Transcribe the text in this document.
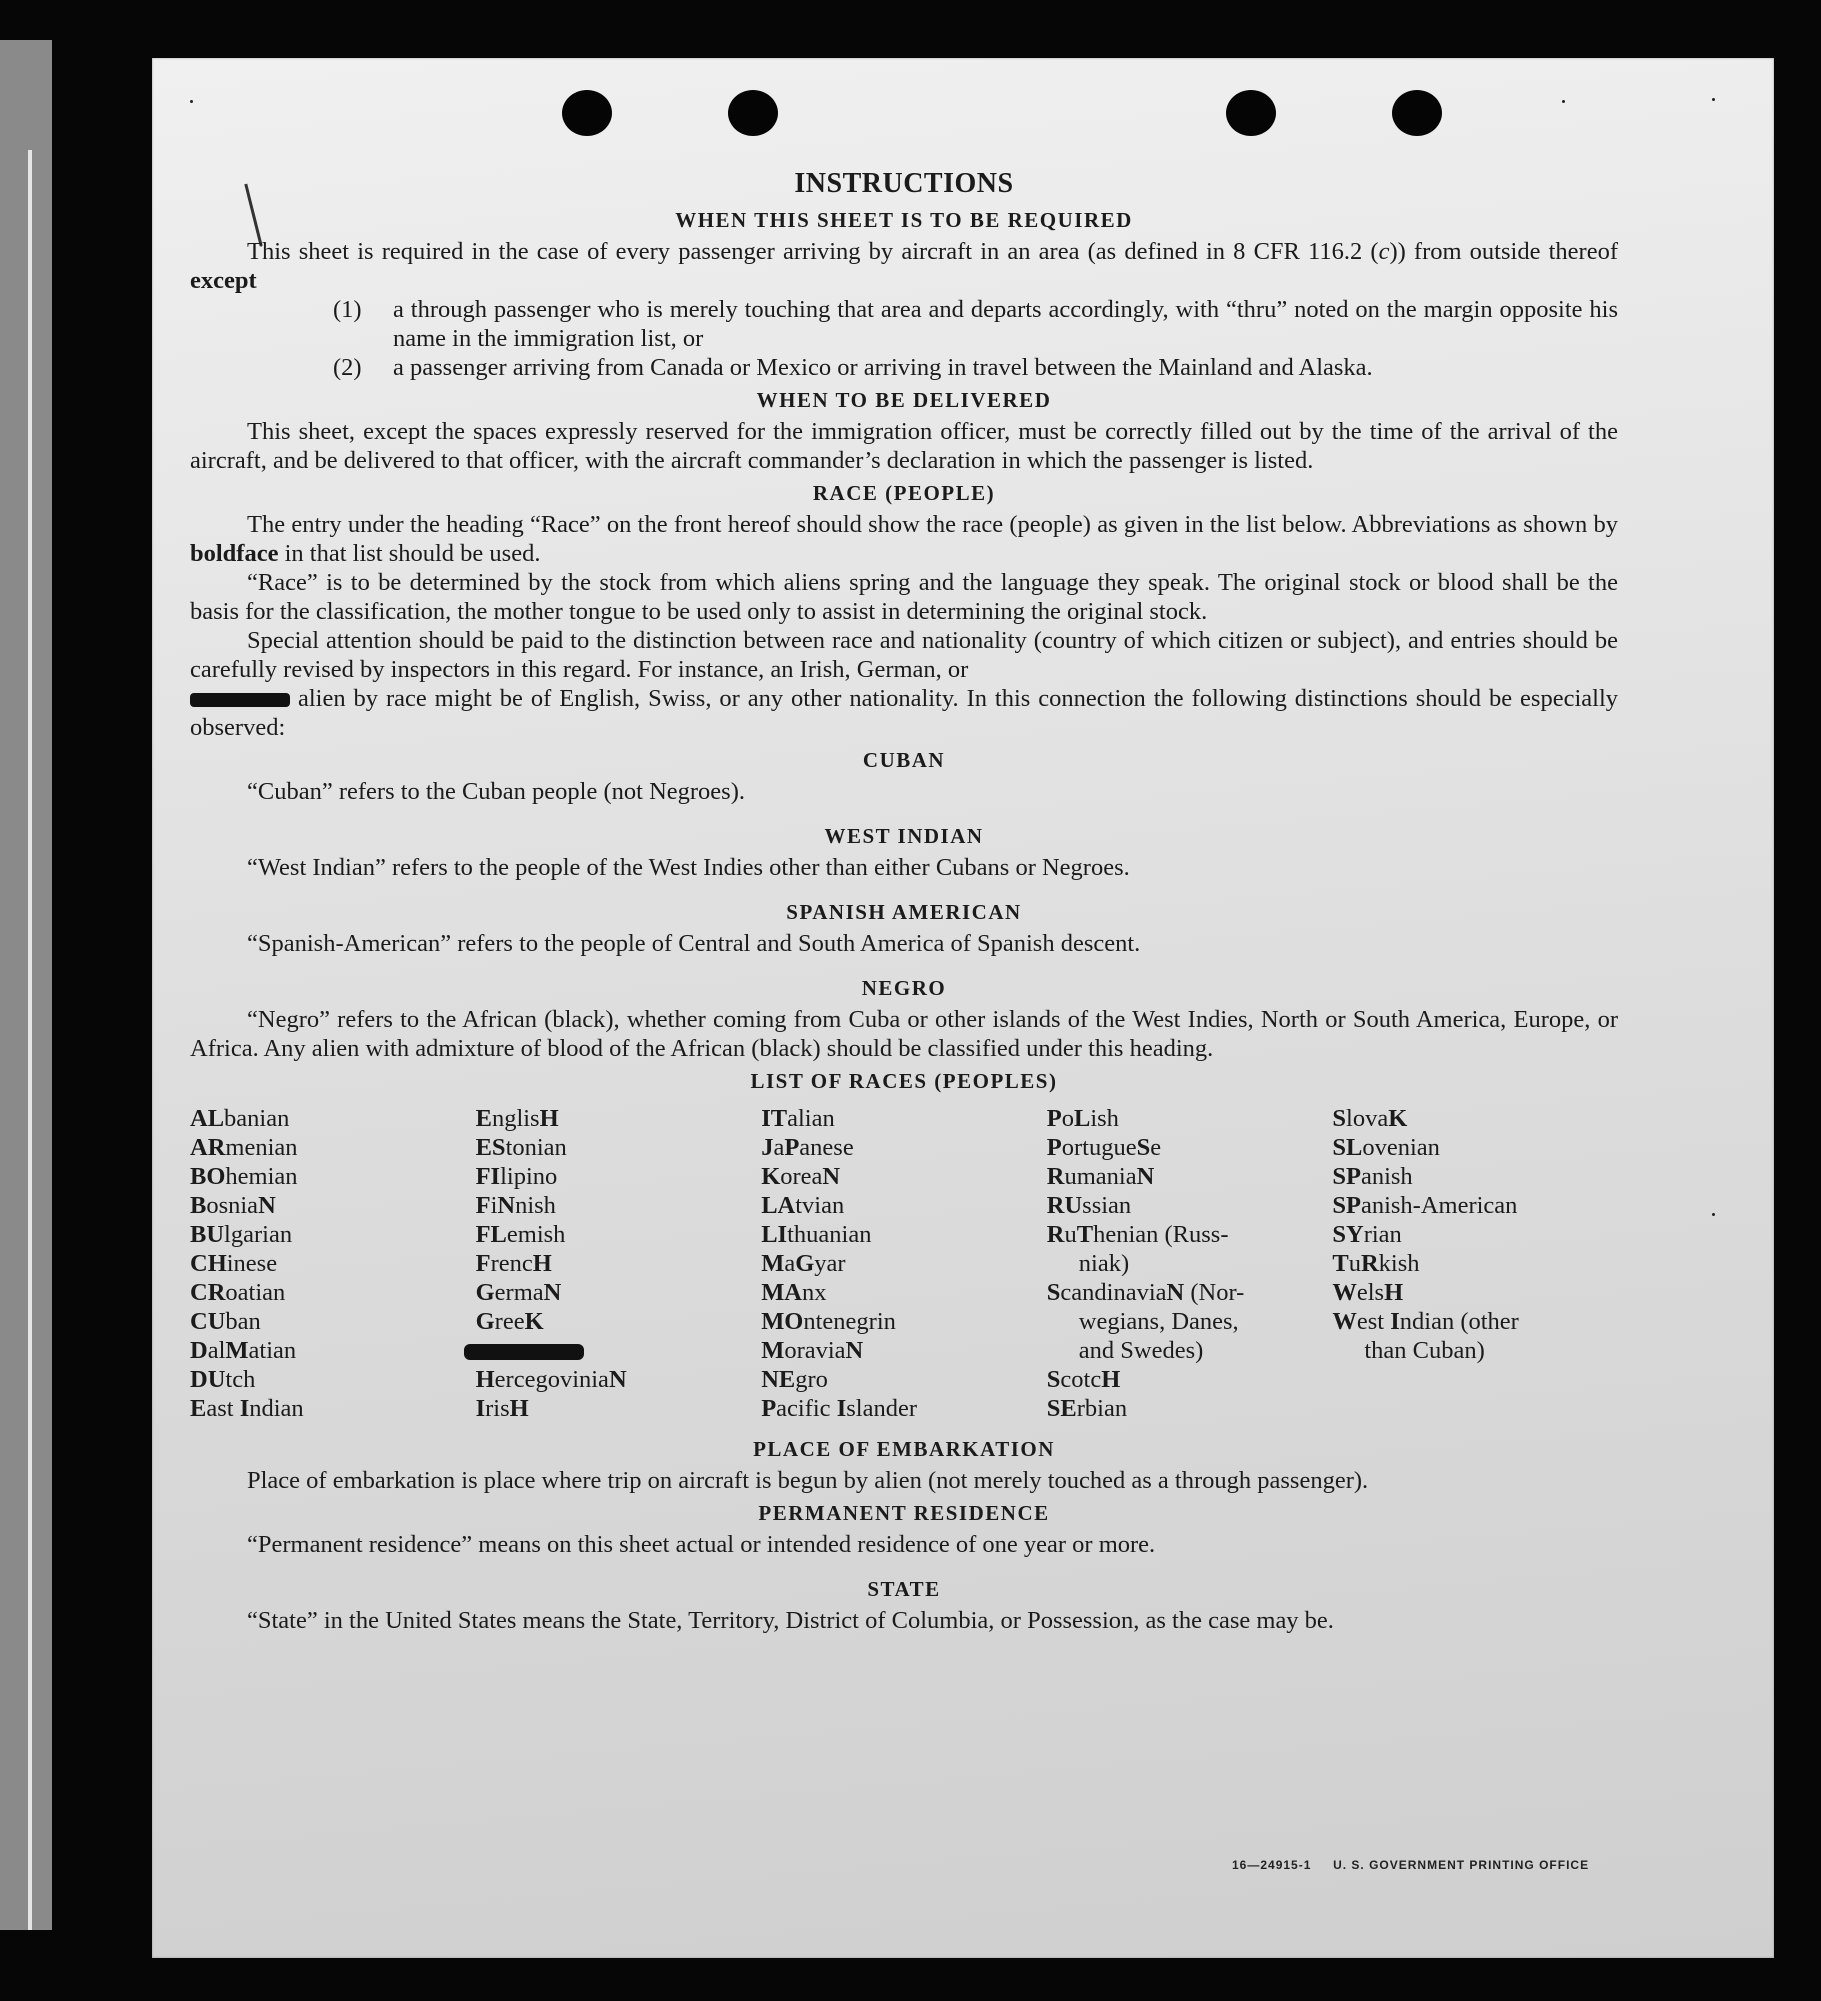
INSTRUCTIONS
WHEN THIS SHEET IS TO BE REQUIRED

This sheet is required in the case of every passenger arriving by aircraft in an area (as defined in 8 CFR 116.2 (c)) from outside thereof except

(1) a through passenger who is merely touching that area and departs accordingly, with “thru” noted on the margin opposite his name in the immigration list, or

(2) a passenger arriving from Canada or Mexico or arriving in travel between the Mainland and Alaska.

WHEN TO BE DELIVERED

This sheet, except the spaces expressly reserved for the immigration officer, must be correctly filled out by the time of the arrival of the aircraft, and be delivered to that officer, with the aircraft commander’s declaration in which the passenger is listed.

RACE (PEOPLE)

The entry under the heading “Race” on the front hereof should show the race (people) as given in the list below. Abbreviations as shown by boldface in that list should be used.

“Race” is to be determined by the stock from which aliens spring and the language they speak. The original stock or blood shall be the basis for the classification, the mother tongue to be used only to assist in determining the original stock.

Special attention should be paid to the distinction between race and nationality (country of which citizen or subject), and entries should be carefully revised by inspectors in this regard. For instance, an Irish, German, or
alien by race might be of English, Swiss, or any other nationality. In this connection the following distinctions should be especially observed:

CUBAN

“Cuban” refers to the Cuban people (not Negroes).

WEST INDIAN

“West Indian” refers to the people of the West Indies other than either Cubans or Negroes.

SPANISH AMERICAN

“Spanish-American” refers to the people of Central and South America of Spanish descent.

NEGRO

“Negro” refers to the African (black), whether coming from Cuba or other islands of the West Indies, North or South America, Europe, or Africa. Any alien with admixture of blood of the African (black) should be classified under this heading.

LIST OF RACES (PEOPLES)
ALbanian
ARmenian
BOhemian
BosniaN
BUlgarian
CHinese
CRoatian
CUban
DalMatian
DUtch
East Indian
EnglisH
EStonian
FIlipino
FiNnish
FLemish
FrencH
GermaN
GreeK
HercegoviniaN
IrisH
ITalian
JaPanese
KoreaN
LAtvian
LIthuanian
MaGyar
MAnx
MOntenegrin
MoraviaN
NEgro
Pacific Islander
PoLish
PortugueSe
RumaniaN
RUssian
RuThenian (Russ-
niak)
ScandinaviaN (Nor-
wegians, Danes,
and Swedes)
ScotcH
SErbian
SlovaK
SLovenian
SPanish
SPanish-American
SYrian
TuRkish
WelsH
West Indian (other
than Cuban)
PLACE OF EMBARKATION

Place of embarkation is place where trip on aircraft is begun by alien (not merely touched as a through passenger).

PERMANENT RESIDENCE

“Permanent residence” means on this sheet actual or intended residence of one year or more.

STATE

“State” in the United States means the State, Territory, District of Columbia, or Possession, as the case may be.

16—24915-1 U. S. GOVERNMENT PRINTING OFFICE
